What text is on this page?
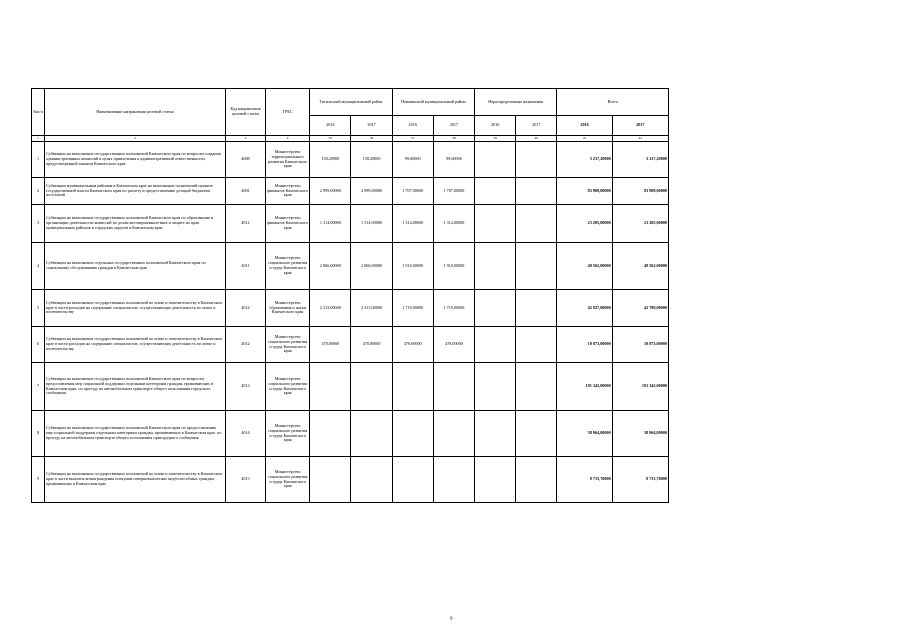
№п/п	Наименование направления целевой статьи	Код направления целевой статьи	ГРБС	Тигильский муниципальный район		Пенжинский муниципальный район		Нераспределенные назначения		Всего	
				2016	2017	2016	2017	2016	2017	2016	2017
1	2	3	4	35	36	37	38	39	40	41	42
1	Субвенции на выполнение государственных полномочий Камчатского края по вопросам создания административных комиссий в целях привлечения к административной ответственности, предусмотренной законом Камчатского края	4008	Министерство территориального развития Камчатского края	158,20000	158,20000	99,60000	99,60000			3 237,20000	3 237,20000
2	Субвенции муниципальным районам в Камчатском крае на выполнение полномочий органов государственной власти Камчатского края по расчету и предоставлению дотаций бюджетам поселений	4001	Министерство финансов Камчатского края	2 999,00000	2 999,00000	1 707,00000	1 707,00000			83 908,00000	83 908,00000
3	Субвенции на выполнение государственных полномочий Камчатского края по образованию и организации деятельности комиссий по делам несовершеннолетних и защите их прав муниципальных районов и городских округов в Камчатском крае	4012	Министерство финансов Камчатского края	1 314,00000	1 314,00000	1 314,00000	1 314,00000			23 205,00000	23 205,00000
4	Субвенции на выполнение отдельных государственных полномочий Камчатского края по социальному обслуживанию граждан в Камчатском крае	4011	Министерство социального развития и труда Камчатского края	2 866,00000	2 866,00000	1 910,00000	1 910,00000			49 562,00000	49 562,00000
5	Субвенции на выполнение государственных полномочий по опеке и попечительству в Камчатском крае в части расходов на содержание специалистов, осуществляющих деятельность по опеке и попечительству	4012	Министерство образования и науки Камчатского края	2 313,00000	2 313,00000	1 719,00000	1 719,00000			42 827,00000	42 780,00000
6	Субвенции на выполнение государственных полномочий по опеке и попечительству в Камчатском крае в части расходов на содержание специалистов, осуществляющих деятельность по опеке и попечительству	4012	Министерство социального развития и труда Камчатского края	478,00000	478,00000	478,00000	478,00000			10 873,00000	10 873,00000
7	Субвенции на выполнение государственных полномочий Камчатского края по вопросам предоставления мер социальной поддержки отдельным категориям граждан, проживающих в Камчатском крае, по проезду на автомобильном транспорте общего пользования городского сообщения	4013	Министерство социального развития и труда Камчатского края							191 342,00000	191 342,00000
8	Субвенции на выполнение государственных полномочий Камчатского края по предоставлению мер социальной поддержки отдельным категориям граждан, проживающих в Камчатском крае, по проезду на автомобильном транспорте общего пользования пригородного сообщения	4014	Министерство социального развития и труда Камчатского края							38 964,00000	38 964,00000
9	Субвенции на выполнение государственных полномочий по опеке и попечительству в Камчатском крае в части выплаты вознаграждения опекунам совершеннолетних недееспособных граждан, проживающих в Камчатском крае	4015	Министерство социального развития и труда Камчатского края							8 733,70000	8 733,70000
9
